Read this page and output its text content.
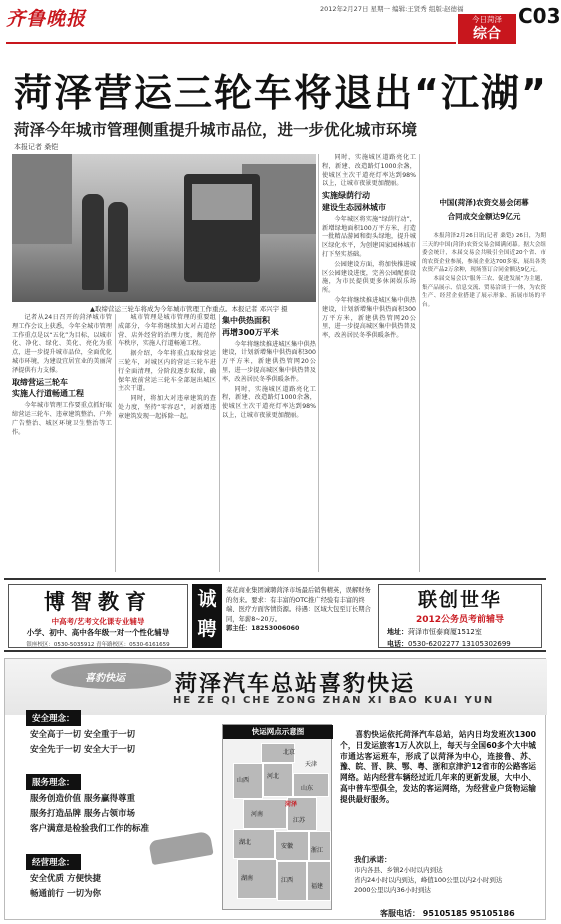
齐鲁晚报	2012年2月27日 星期一 编辑:王贤秀 组版:赵德福
今日菏泽
综合
C03
菏泽营运三轮车将退出“江湖”
菏泽今年城市管理侧重提升城市品位，进一步优化城市环境
本报记者 桑铠
▲取缔营运三轮车将成为今年城市管理工作重点。本报记者 邓兴宇 摄

记者从24日召开的菏泽城市管理工作会议上获悉，今年全城市管理工作重点是以“五化”为目标，以城市化、净化、绿化、美化、亮化为重点，进一步提升城市品位，全面优化城市环境，为建设宜居宜业的美丽菏泽提供有力支撑。

取缔营运三轮车
实施人行道畅通工程

今年城市管理工作要重点抓好取缔营运三轮车、违章建筑整治、户外广告整治、城区环境卫生整治等工作。

城市管理是城市管理的重要组成部分，今年将继续加大对占道经营、店外经营的治理力度，规范停车秩序，实施人行道畅通工程。

据介绍，今年将重点取缔营运三轮车，对城区内的营运三轮车进行全面清理，分阶段逐步取缔，确保年底前营运三轮车全部退出城区主次干道。

同时，将加大对违章建筑的查处力度，坚持“零容忍”，对新增违章建筑发现一起拆除一起。

集中供热面积
再增300万平米

今年将继续推进城区集中供热建设，计划新增集中供热面积300万平方米，新建供热管网20公里，进一步提高城区集中供热普及率，改善居民冬季供暖条件。

同时，实施城区道路亮化工程，新建、改造路灯1000余盏，使城区主次干道亮灯率达到98%以上，让城市夜景更加靓丽。

同时，实施城区道路亮化工程，新建、改造路灯1000余盏，使城区主次干道亮灯率达到98%以上，让城市夜景更加靓丽。

实施绿荫行动
建设生态园林城市

今年城区将实施“绿荫行动”，新增绿地面积100万平方米，打造一批精品游园和街头绿地，提升城区绿化水平，为创建国家园林城市打下坚实基础。

公园建设方面，将加快推进城区公园建设进度，完善公园配套设施，为市民提供更多休闲娱乐场所。

今年将继续推进城区集中供热建设，计划新增集中供热面积300万平方米，新建供热管网20公里，进一步提高城区集中供热普及率，改善居民冬季供暖条件。

中国(菏泽)农资交易会闭幕
合同成交金额达9亿元

本报菏泽2月26日讯(记者 桑铠) 26日，为期三天的中国(菏泽)农资交易会圆满闭幕。据大会组委会统计，本届交易会共吸引全国近20个省、市的农资企业参展，参展企业达700多家，展出各类农资产品2万余种，现场签订合同金额达9亿元。

本届交易会以“服务三农、促进发展”为主题，集产品展示、信息交流、贸易洽谈于一体，为农资生产、经营企业搭建了展示形象、拓展市场的平台。

博智教育
中高考/艺考文化课专业辅导
小学、初中、高中各年级一对一个性化辅导
银座校区：0530-5035912 青年路校区：0530-6161659
诚
聘
菜花商业集团诚聘菏泽市场最后销售精英，误解财务的勿来。要求：有丰富的OTC推广经验有丰富的终端、医疗方面客情资源。待遇：区域大包至订长期合同，年薪8~20万。
郭主任：18253006060
联创世华
2012公务员考前辅导
地址：菏泽市恒泰商厦1512室
电话：0530-6202277 13105302699
喜豹快运 菏泽汽车总站喜豹快运
HE ZE QI CHE ZONG ZHAN XI BAO KUAI YUN
安全理念：
安全高于一切 安全重于一切
安全先于一切 安全大于一切
服务理念：
服务创造价值 服务赢得尊重
服务打造品牌 服务占领市场
客户满意是检验我们工作的标准
经营理念：
安全优质 方便快捷
畅通前行 一切为你
快运网点示意图
北京
天津
山西
河北
山东
河南
菏泽
江苏
湖北
安徽
湖南	江西
浙江
福建
喜豹快运依托菏泽汽车总站，站内日均发班次1300个，日发运旅客1万人次以上，每天与全国60多个大中城市通达客运班车，形成了以菏泽为中心，连接鲁、苏、豫、皖、晋、陕、鄂、粤、浙和京津沪12省市的公路客运网络。站内经营车辆经过近几年来的更新发展，大中小、高中普车型俱全，发达的客运网络，为经营业户货物运输提供最好服务。
我们承诺：
市内各县、乡镇2小时以内到达
省内24小时以内到达，峰值100公里以内2小时到达
2000公里以内36小时到达
客服电话： 95105185 95105186
